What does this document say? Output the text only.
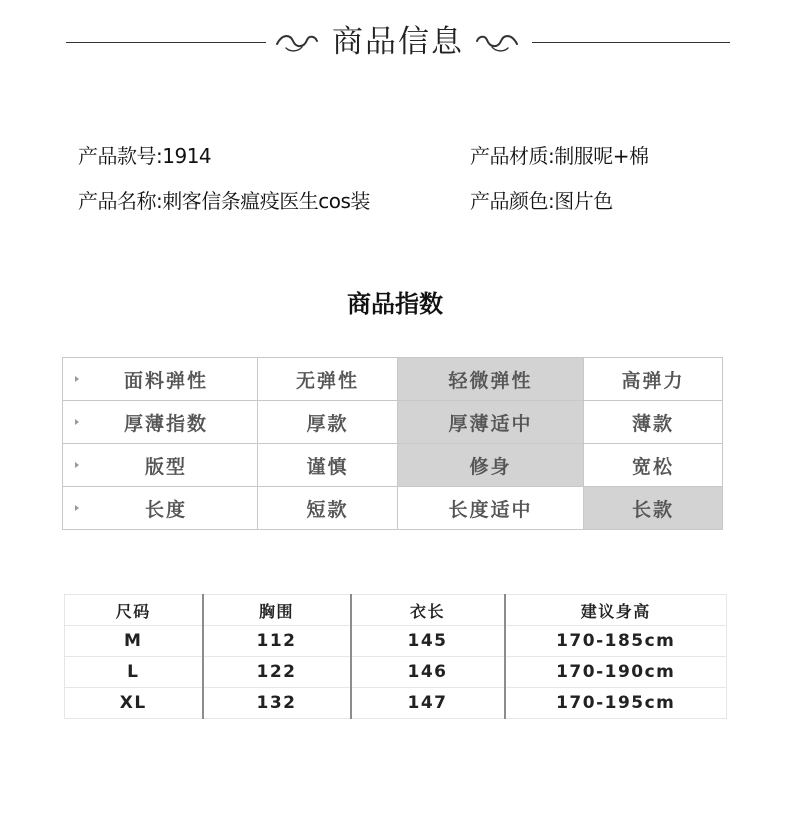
商品信息
产品款号:1914
产品名称:刺客信条瘟疫医生cos装
产品材质:制服呢+棉
产品颜色:图片色
商品指数
面料弹性	无弹性	轻微弹性	高弹力

厚薄指数	厚款	厚薄适中	薄款

版型	谨慎	修身	宽松

长度	短款	长度适中	长款
尺码	胸围	衣长	建议身高
M	112	145	170-185cm
L	122	146	170-190cm
XL	132	147	170-195cm
